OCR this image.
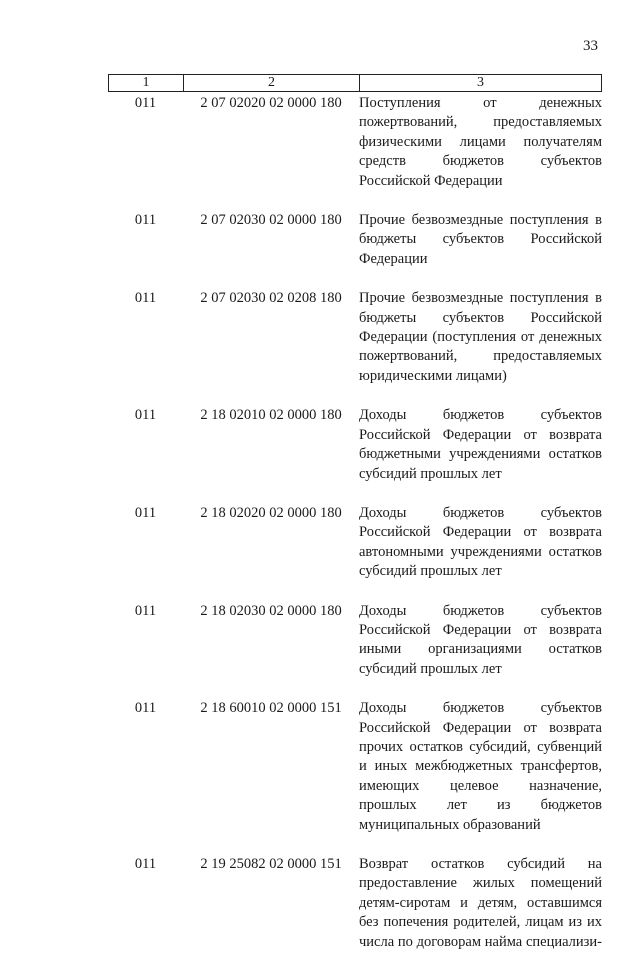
33
1	2	3
011	2 07 02020 02 0000 180	Поступления от денежных пожертвований, предоставляемых физическими лицами получателям средств бюджетов субъектов Российской Федерации
011	2 07 02030 02 0000 180	Прочие безвозмездные поступления в бюджеты субъектов Российской Федерации
011	2 07 02030 02 0208 180	Прочие безвозмездные поступления в бюджеты субъектов Российской Федерации (поступления от денежных пожертвований, предоставляемых юридическими лицами)
011	2 18 02010 02 0000 180	Доходы бюджетов субъектов Российской Федерации от возврата бюджетными учреждениями остатков субсидий прошлых лет
011	2 18 02020 02 0000 180	Доходы бюджетов субъектов Российской Федерации от возврата автономными учреждениями остатков субсидий прошлых лет
011	2 18 02030 02 0000 180	Доходы бюджетов субъектов Российской Федерации от возврата иными организациями остатков субсидий прошлых лет
011	2 18 60010 02 0000 151	Доходы бюджетов субъектов Российской Федерации от возврата прочих остатков субсидий, субвенций и иных межбюджетных трансфертов, имеющих целевое назначение, прошлых лет из бюджетов муниципальных образований
011	2 19 25082 02 0000 151	Возврат остатков субсидий на предоставление жилых помещений детям-сиротам и детям, оставшимся без попечения родителей, лицам из их числа по договорам найма специализи-
